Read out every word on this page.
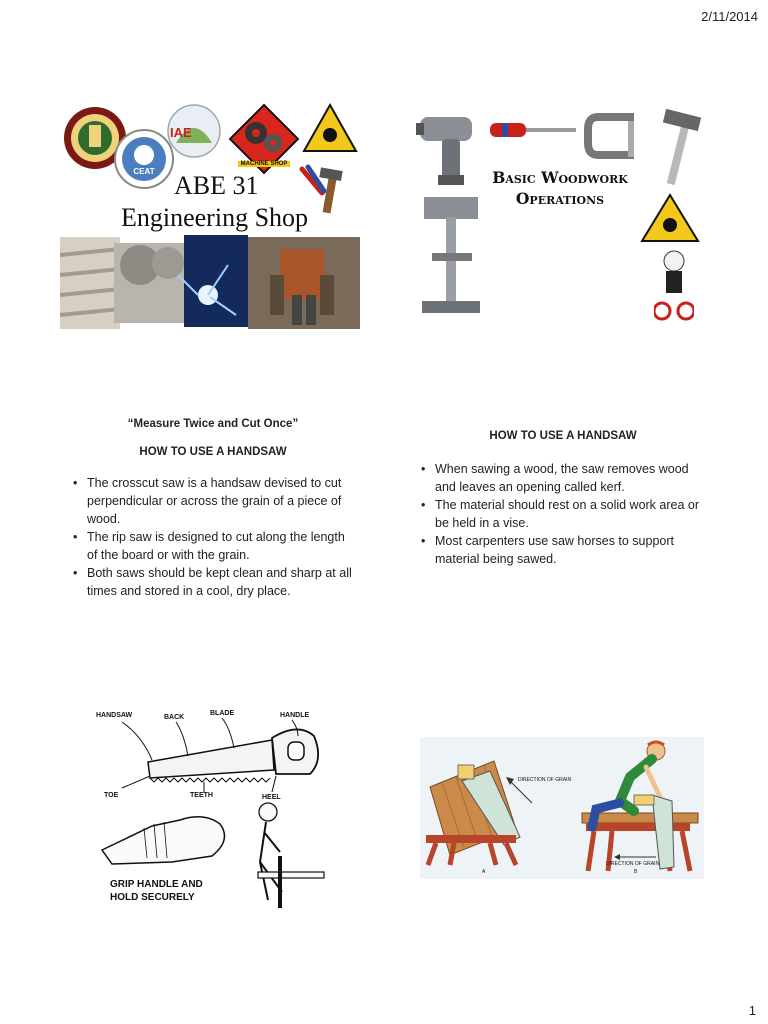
2/11/2014
CEAT
IAE
MACHINE SHOP
ABE 31
Engineering Shop
Basic Woodwork
Operations
“Measure Twice and Cut Once”
HOW TO USE A HANDSAW
• The crosscut saw is a handsaw devised to cut perpendicular or across the grain of a piece of wood.
• The rip saw is designed to cut along the length of the board or with the grain.
• Both saws should be kept clean and sharp at all times and stored in a cool, dry place.
HOW TO USE A HANDSAW
• When sawing a wood, the saw removes wood and leaves an opening called kerf.
• The material should rest on a solid work area or be held in a vise.
• Most carpenters use saw horses to support material being sawed.
HANDSAW	BACK
BLADE	HANDLE
TOE	TEETH	HEEL
GRIP HANDLE AND
HOLD SECURELY
DIRECTION OF GRAIN
DIRECTION OF GRAIN
A	B
1
